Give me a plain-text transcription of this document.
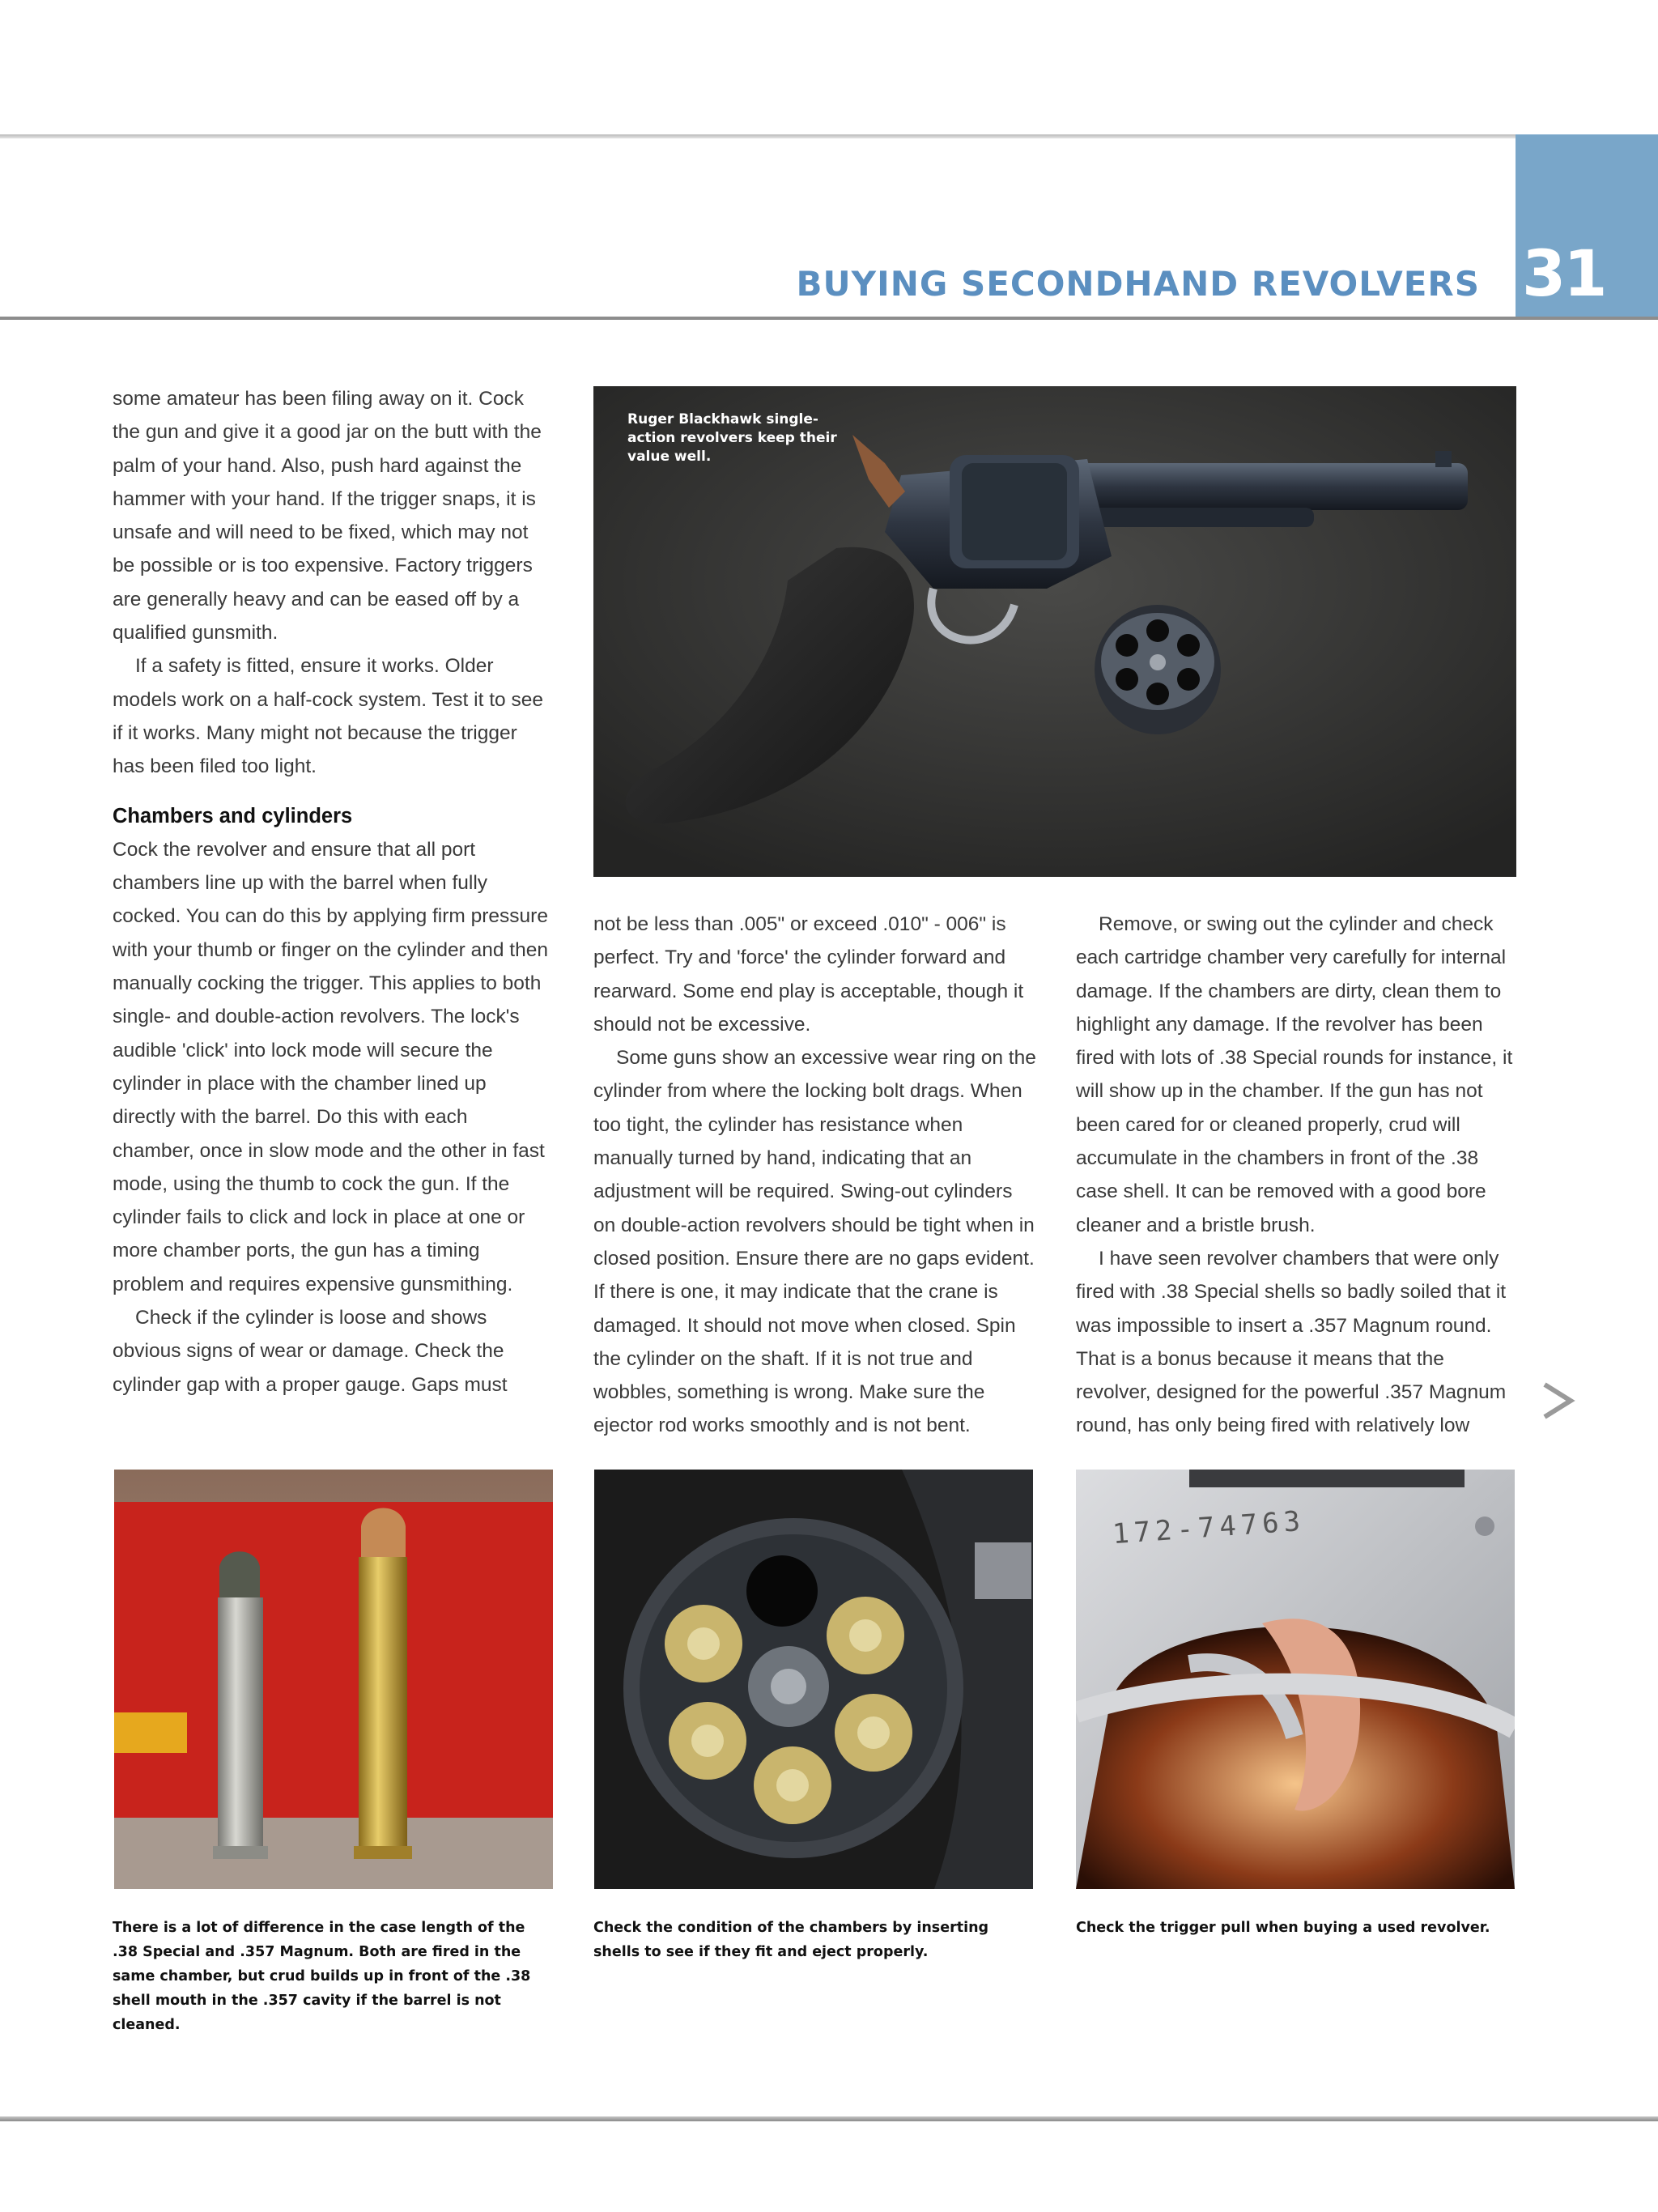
31
BUYING SECONDHAND REVOLVERS

some amateur has been filing away on it. Cock the gun and give it a good jar on the butt with the palm of your hand. Also, push hard against the hammer with your hand. If the trigger snaps, it is unsafe and will need to be fixed, which may not be possible or is too expensive. Factory triggers are generally heavy and can be eased off by a qualified gunsmith.

If a safety is fitted, ensure it works. Older models work on a half-cock system. Test it to see if it works. Many might not because the trigger has been filed too light.

Chambers and cylinders

Cock the revolver and ensure that all port chambers line up with the barrel when fully cocked. You can do this by applying firm pressure with your thumb or finger on the cylinder and then manually cocking the trigger. This applies to both single- and double-action revolvers. The lock's audible 'click' into lock mode will secure the cylinder in place with the chamber lined up directly with the barrel. Do this with each chamber, once in slow mode and the other in fast mode, using the thumb to cock the gun. If the cylinder fails to click and lock in place at one or more chamber ports, the gun has a timing problem and requires expensive gunsmithing.

Check if the cylinder is loose and shows obvious signs of wear or damage. Check the cylinder gap with a proper gauge. Gaps must

Ruger Blackhawk single-action revolvers keep their value well.

not be less than .005" or exceed .010" - 006" is perfect. Try and 'force' the cylinder forward and rearward. Some end play is acceptable, though it should not be excessive.

Some guns show an excessive wear ring on the cylinder from where the locking bolt drags. When too tight, the cylinder has resistance when manually turned by hand, indicating that an adjustment will be required. Swing-out cylinders on double-action revolvers should be tight when in closed position. Ensure there are no gaps evident. If there is one, it may indicate that the crane is damaged. It should not move when closed. Spin the cylinder on the shaft. If it is not true and wobbles, something is wrong. Make sure the ejector rod works smoothly and is not bent.

Remove, or swing out the cylinder and check each cartridge chamber very carefully for internal damage. If the chambers are dirty, clean them to highlight any damage. If the revolver has been fired with lots of .38 Special rounds for instance, it will show up in the chamber. If the gun has not been cared for or cleaned properly, crud will accumulate in the chambers in front of the .38 case shell. It can be removed with a good bore cleaner and a bristle brush.

I have seen revolver chambers that were only fired with .38 Special shells so badly soiled that it was impossible to insert a .357 Magnum round. That is a bonus because it means that the revolver, designed for the powerful .357 Magnum round, has only being fired with relatively low

172-74763
There is a lot of difference in the case length of the .38 Special and .357 Magnum. Both are fired in the same chamber, but crud builds up in front of the .38 shell mouth in the .357 cavity if the barrel is not cleaned.
Check the condition of the chambers by inserting shells to see if they fit and eject properly.
Check the trigger pull when buying a used revolver.
